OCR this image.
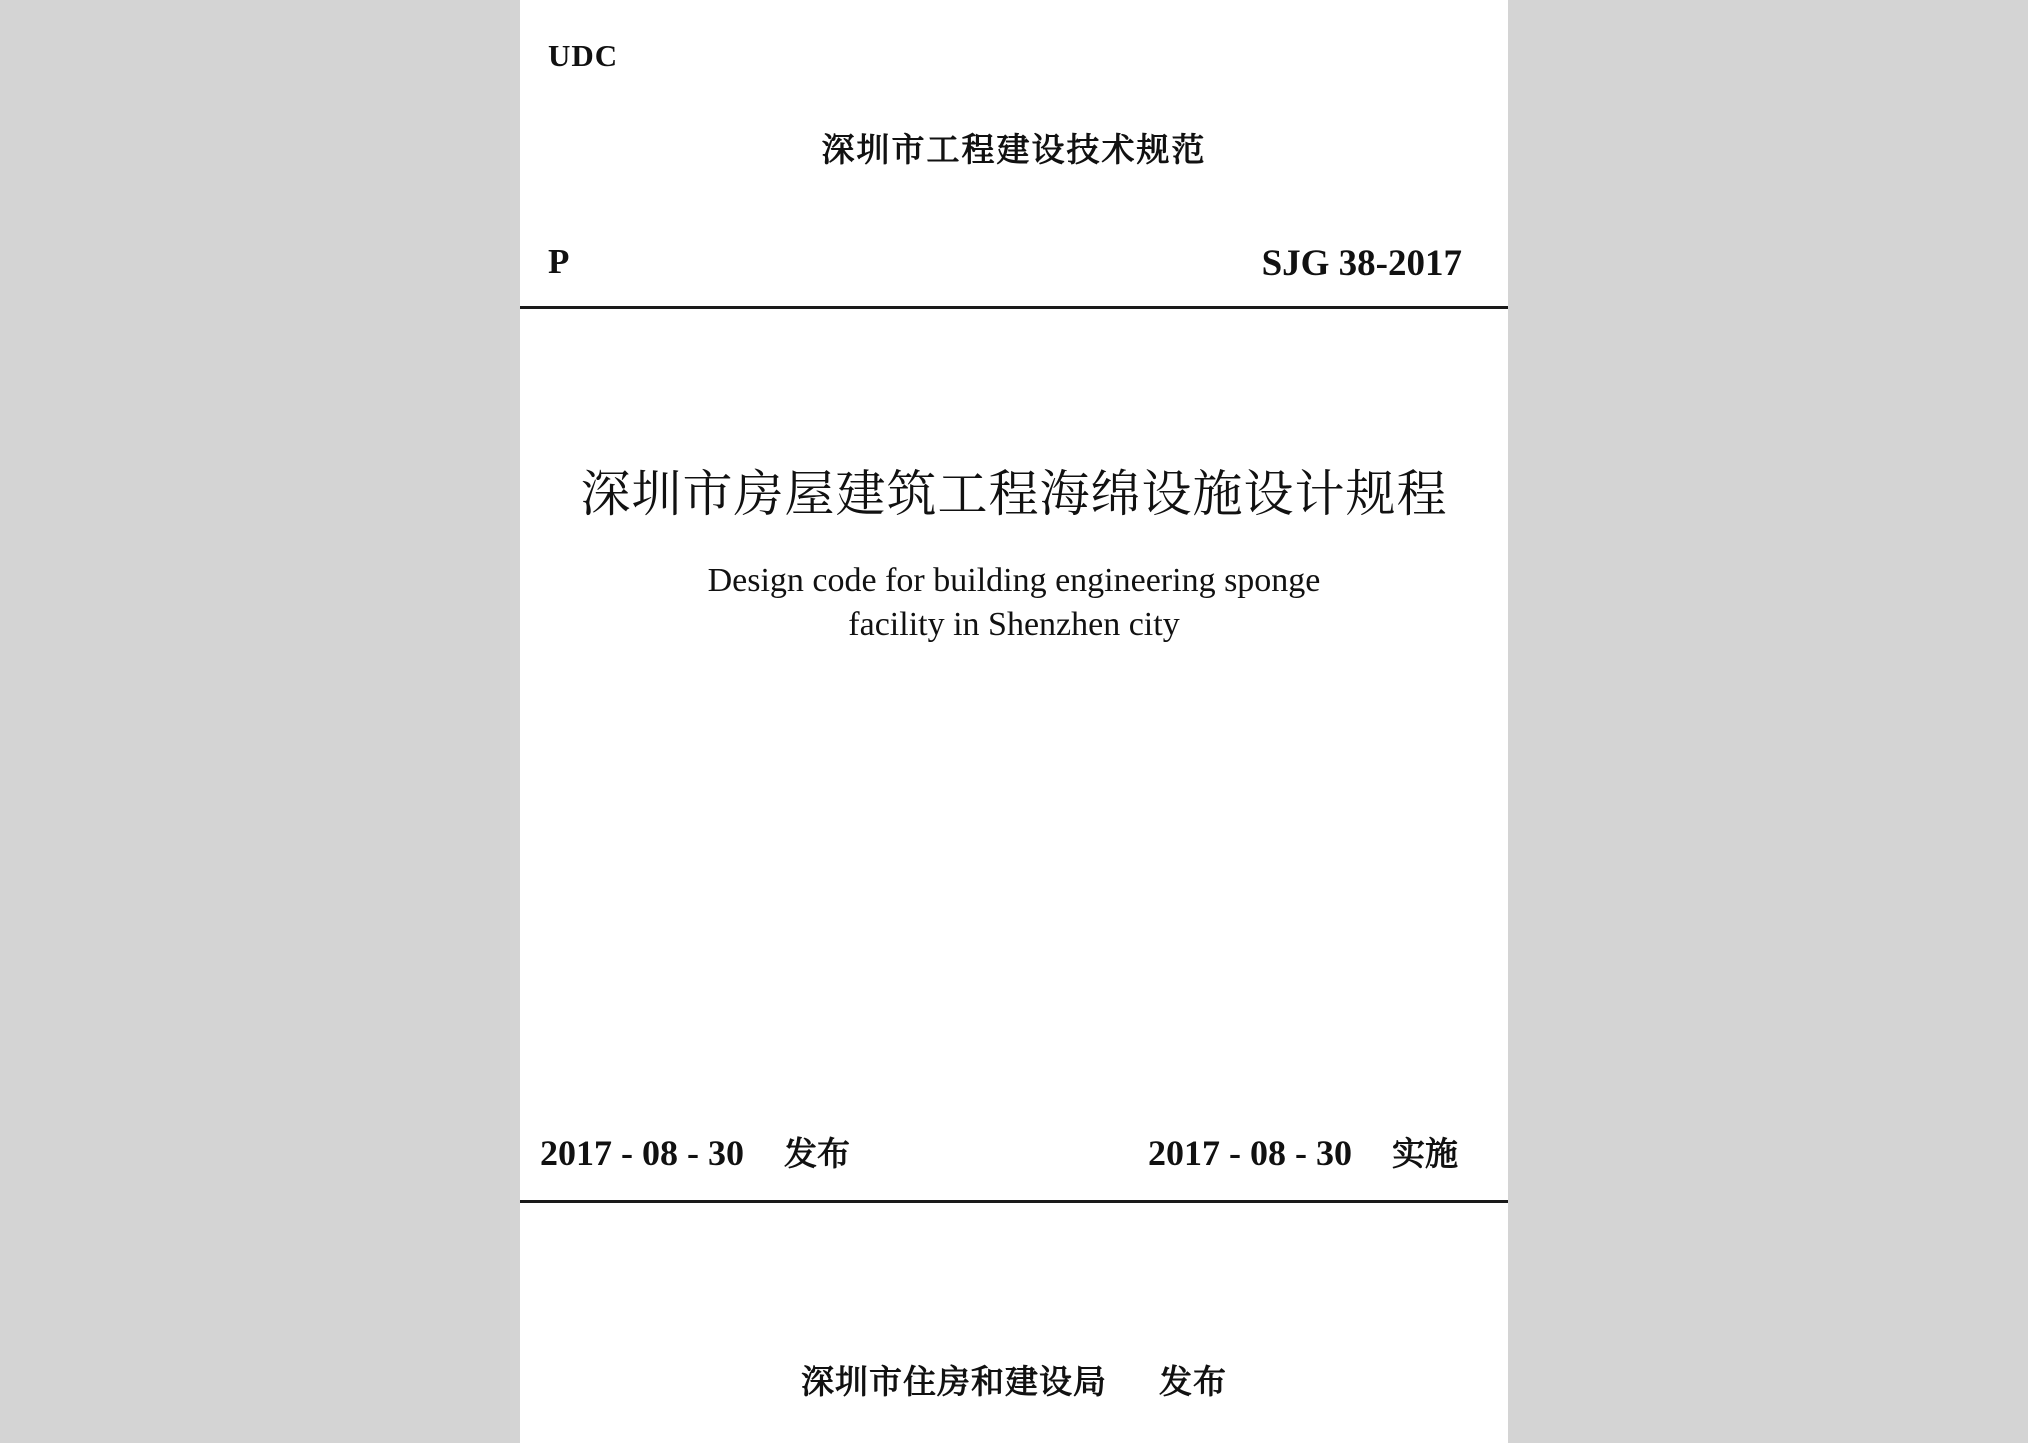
UDC

深圳市工程建设技术规范

P	SJG 38-2017

深圳市房屋建筑工程海绵设施设计规程

Design code for building engineering sponge

facility in Shenzhen city

2017 - 08 - 30 发布	2017 - 08 - 30 实施

深圳市住房和建设局 发布
